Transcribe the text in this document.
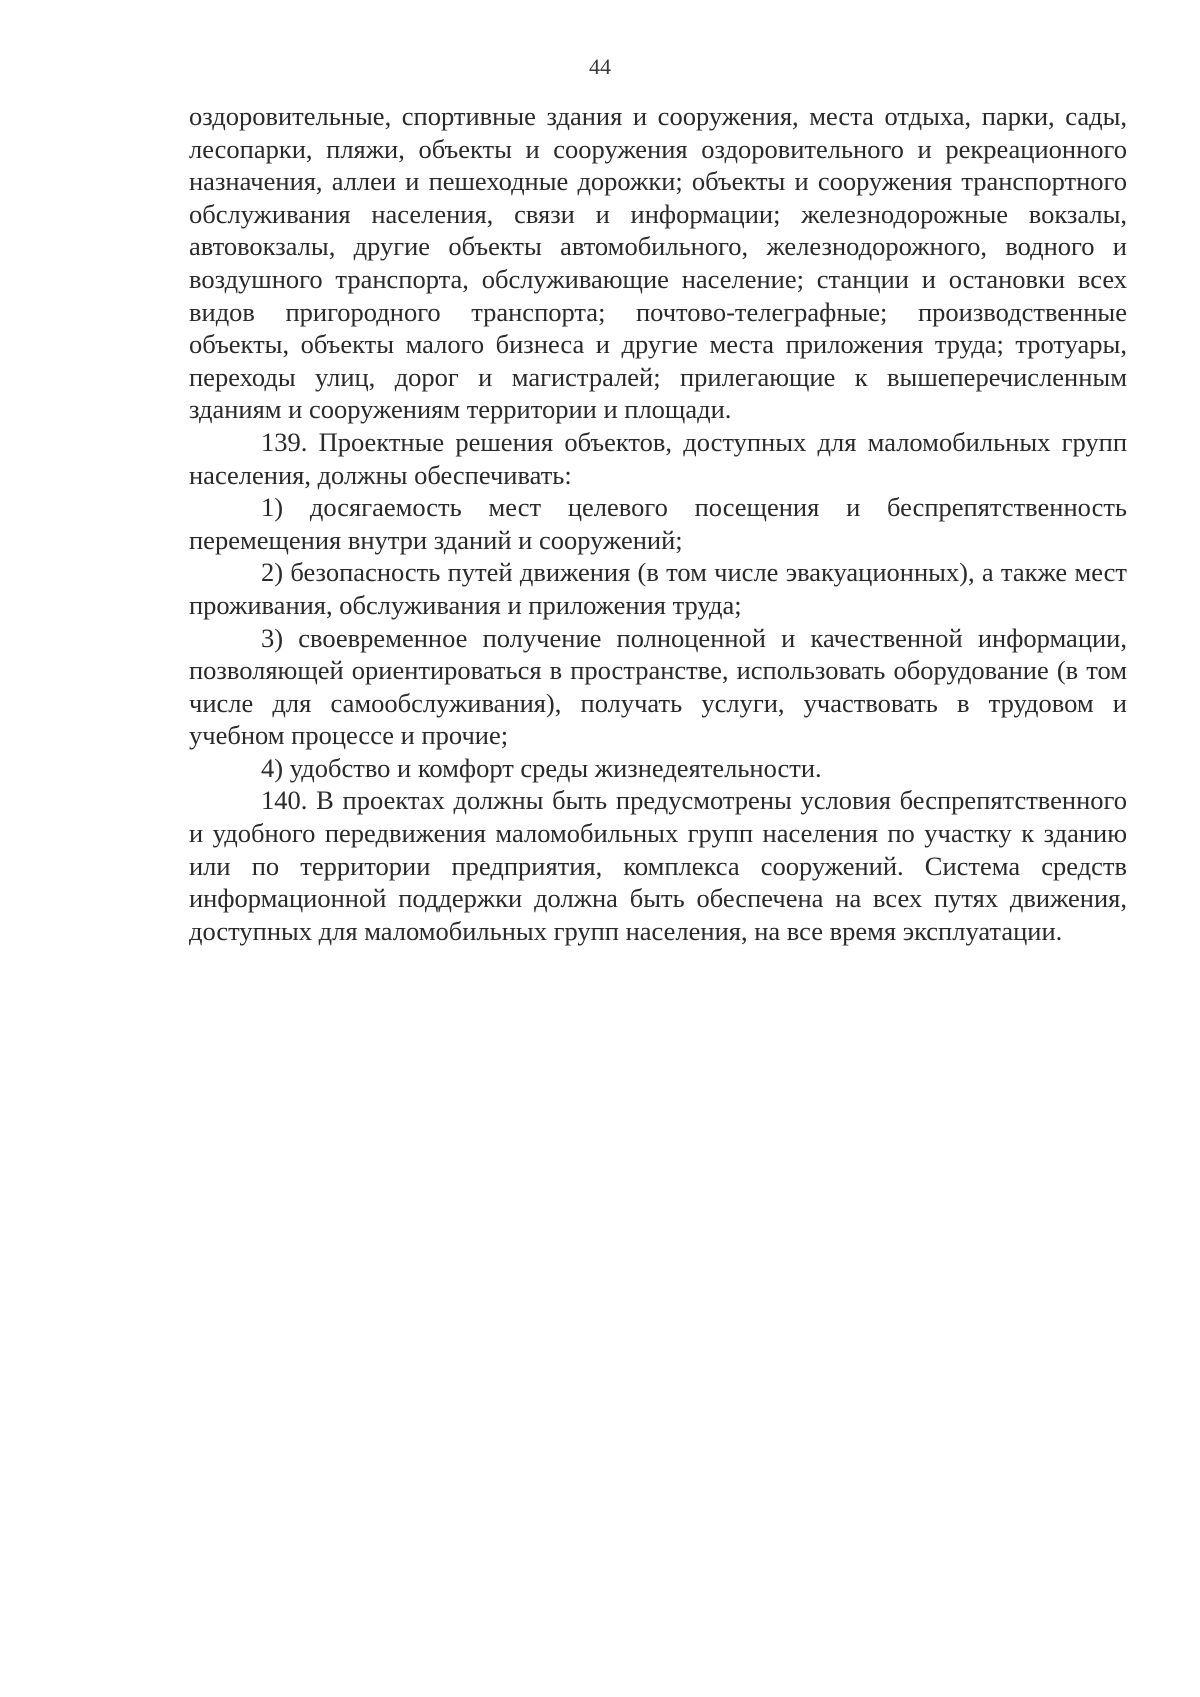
44

оздоровительные, спортивные здания и сооружения, места отдыха, парки, сады, лесопарки, пляжи, объекты и сооружения оздоровительного и рекреационного назначения, аллеи и пешеходные дорожки; объекты и сооружения транспортного обслуживания населения, связи и информации; железнодорожные вокзалы, автовокзалы, другие объекты автомобильного, железнодорожного, водного и воздушного транспорта, обслуживающие население; станции и остановки всех видов пригородного транспорта; почтово-телеграфные; производственные объекты, объекты малого бизнеса и другие места приложения труда; тротуары, переходы улиц, дорог и магистралей; прилегающие к вышеперечисленным зданиям и сооружениям территории и площади.

139. Проектные решения объектов, доступных для маломобильных групп населения, должны обеспечивать:

1) досягаемость мест целевого посещения и беспрепятственность перемещения внутри зданий и сооружений;

2) безопасность путей движения (в том числе эвакуационных), а также мест проживания, обслуживания и приложения труда;

3) своевременное получение полноценной и качественной информации, позволяющей ориентироваться в пространстве, использовать оборудование (в том числе для самообслуживания), получать услуги, участвовать в трудовом и учебном процессе и прочие;

4) удобство и комфорт среды жизнедеятельности.

140. В проектах должны быть предусмотрены условия беспрепятственного и удобного передвижения маломобильных групп населения по участку к зданию или по территории предприятия, комплекса сооружений. Система средств информационной поддержки должна быть обеспечена на всех путях движения, доступных для маломобильных групп населения, на все время эксплуатации.
